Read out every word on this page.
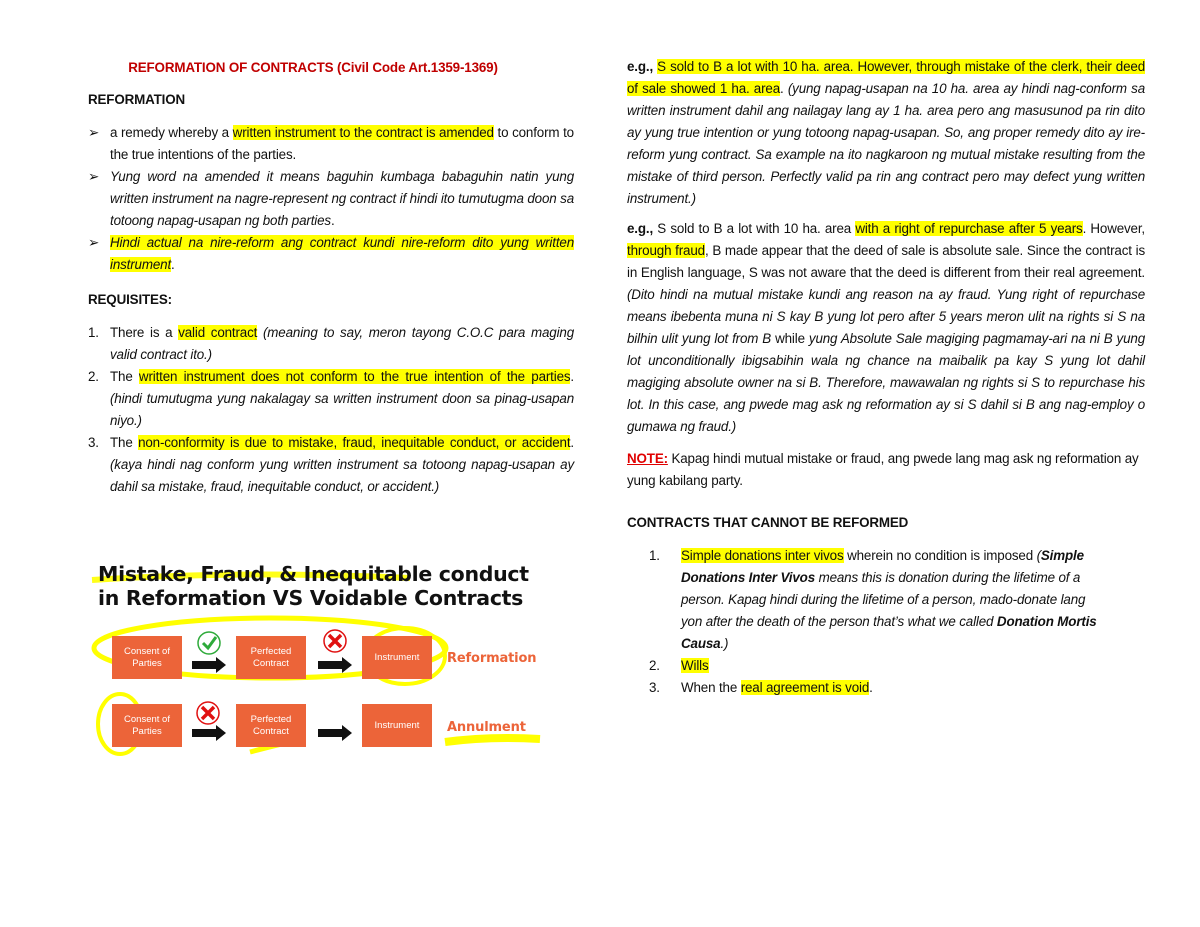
REFORMATION OF CONTRACTS (Civil Code Art.1359-1369)
REFORMATION
➢ a remedy whereby a written instrument to the contract is amended to conform to the true intentions of the parties.
➢ Yung word na amended it means baguhin kumbaga babaguhin natin yung written instrument na nagre-represent ng contract if hindi ito tumutugma doon sa totoong napag-usapan ng both parties.
➢ Hindi actual na nire-reform ang contract kundi nire-reform dito yung written instrument.
REQUISITES:
1. There is a valid contract (meaning to say, meron tayong C.O.C para maging valid contract ito.)
2. The written instrument does not conform to the true intention of the parties. (hindi tumutugma yung nakalagay sa written instrument doon sa pinag-usapan niyo.)
3. The non-conformity is due to mistake, fraud, inequitable conduct, or accident. (kaya hindi nag conform yung written instrument sa totoong napag-usapan ay dahil sa mistake, fraud, inequitable conduct, or accident.)
Mistake, Fraud, & Inequitable conduct
in Reformation VS Voidable Contracts
Consent of Parties
Perfected Contract
Instrument	Reformation
Consent of Parties
Perfected Contract
Instrument	Annulment
e.g., S sold to B a lot with 10 ha. area. However, through mistake of the clerk, their deed of sale showed 1 ha. area. (yung napag-usapan na 10 ha. area ay hindi nag-conform sa written instrument dahil ang nailagay lang ay 1 ha. area pero ang masusunod pa rin dito ay yung true intention or yung totoong napag-usapan. So, ang proper remedy dito ay ire-reform yung contract. Sa example na ito nagkaroon ng mutual mistake resulting from the mistake of third person. Perfectly valid pa rin ang contract pero may defect yung written instrument.)
e.g., S sold to B a lot with 10 ha. area with a right of repurchase after 5 years. However, through fraud, B made appear that the deed of sale is absolute sale. Since the contract is in English language, S was not aware that the deed is different from their real agreement. (Dito hindi na mutual mistake kundi ang reason na ay fraud. Yung right of repurchase means ibebenta muna ni S kay B yung lot pero after 5 years meron ulit na rights si S na bilhin ulit yung lot from B while yung Absolute Sale magiging pagmamay-ari na ni B yung lot unconditionally ibigsabihin wala ng chance na maibalik pa kay S yung lot dahil magiging absolute owner na si B. Therefore, mawawalan ng rights si S to repurchase his lot. In this case, ang pwede mag ask ng reformation ay si S dahil si B ang nag-employ o gumawa ng fraud.)
NOTE: Kapag hindi mutual mistake or fraud, ang pwede lang mag ask ng reformation ay yung kabilang party.
CONTRACTS THAT CANNOT BE REFORMED
1.	Simple donations inter vivos wherein no condition is imposed (Simple Donations Inter Vivos means this is donation during the lifetime of a person. Kapag hindi during the lifetime of a person, mado-donate lang yon after the death of the person that’s what we called Donation Mortis Causa.)
2.	Wills
3.	When the real agreement is void.
